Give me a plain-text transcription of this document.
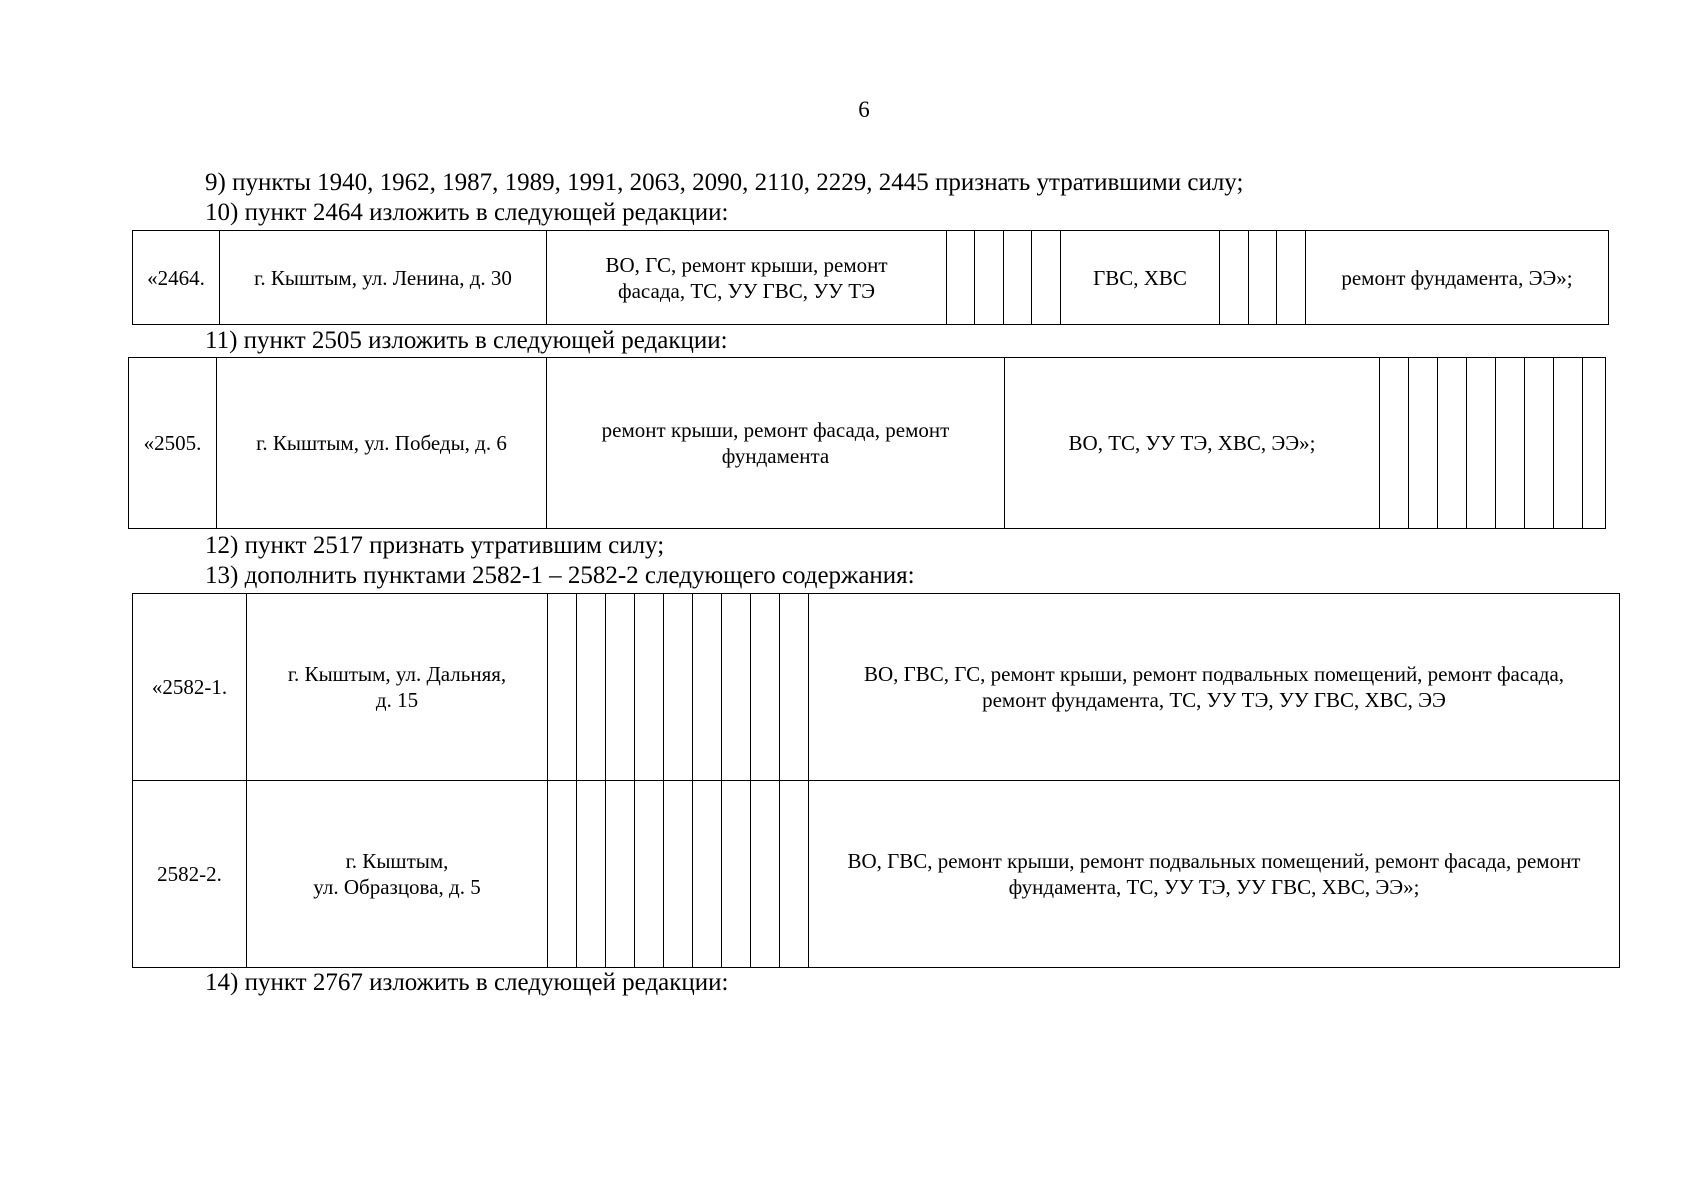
6
9) пункты 1940, 1962, 1987, 1989, 1991, 2063, 2090, 2110, 2229, 2445 признать утратившими силу;
10) пункт 2464 изложить в следующей редакции:
«2464.	г. Кыштым, ул. Ленина, д. 30	ВО, ГС, ремонт крыши, ремонт фасада, ТС, УУ ГВС, УУ ТЭ					ГВС, ХВС				ремонт фундамента, ЭЭ»;
11) пункт 2505 изложить в следующей редакции:
«2505.	г. Кыштым, ул. Победы, д. 6	ремонт крыши, ремонт фасада, ремонт фундамента	ВО, ТС, УУ ТЭ, ХВС, ЭЭ»;								
12) пункт 2517 признать утратившим силу;
13) дополнить пунктами 2582-1 – 2582-2 следующего содержания:
«2582-1.	г. Кыштым, ул. Дальняя,
д. 15										ВО, ГВС, ГС, ремонт крыши, ремонт подвальных помещений, ремонт фасада, ремонт фундамента, ТС, УУ ТЭ, УУ ГВС, ХВС, ЭЭ
2582-2.	г. Кыштым,
ул. Образцова, д. 5										ВО, ГВС, ремонт крыши, ремонт подвальных помещений, ремонт фасада, ремонт фундамента, ТС, УУ ТЭ, УУ ГВС, ХВС, ЭЭ»;
14) пункт 2767 изложить в следующей редакции:
